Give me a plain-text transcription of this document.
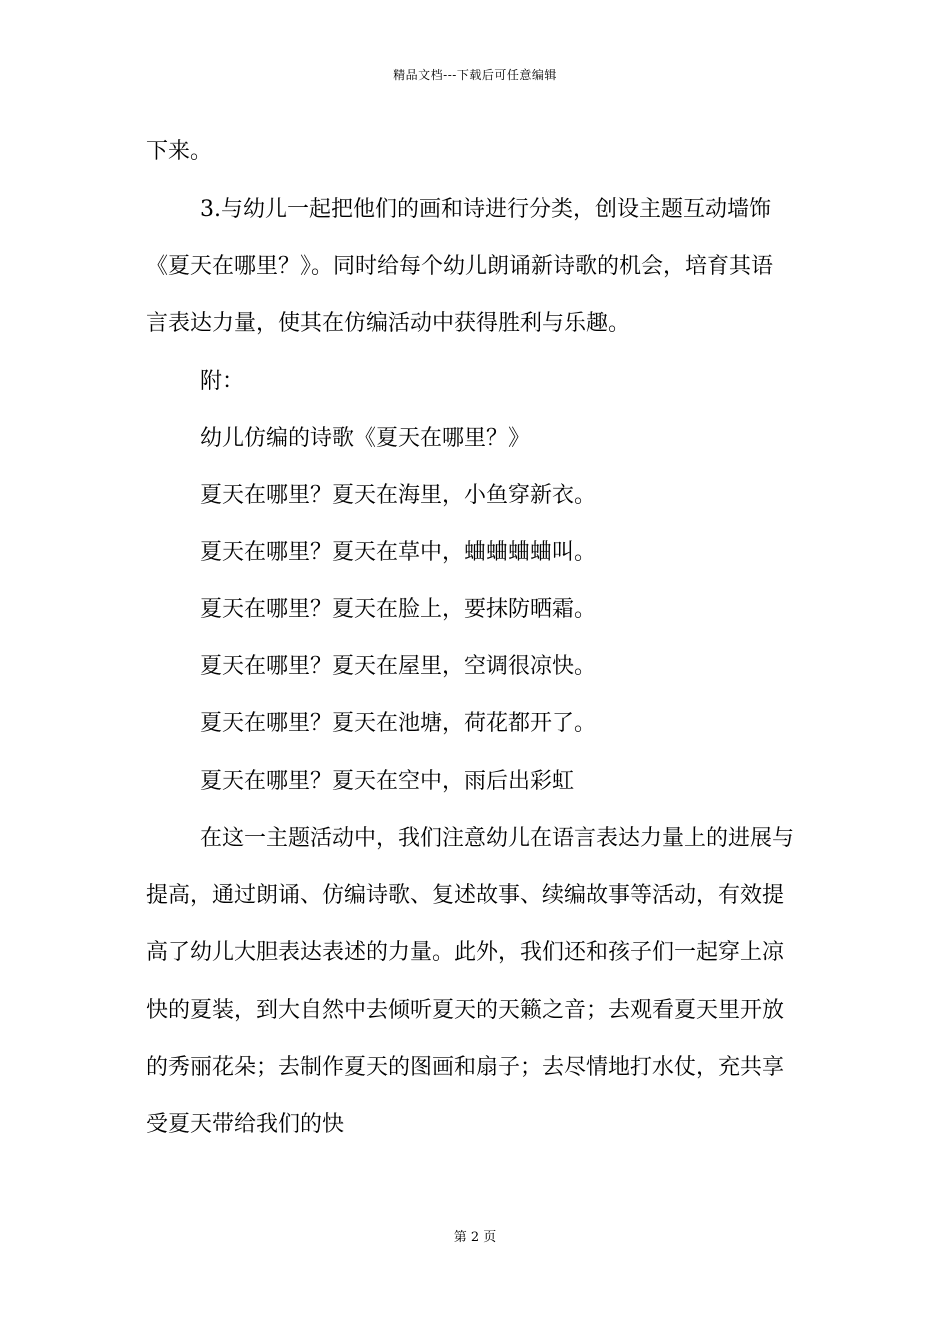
精品文档---下载后可任意编辑
下来。
3.与幼儿一起把他们的画和诗进行分类，创设主题互动墙饰
《夏天在哪里？》。同时给每个幼儿朗诵新诗歌的机会，培育其语
言表达力量，使其在仿编活动中获得胜利与乐趣。
附：
幼儿仿编的诗歌《夏天在哪里？》
夏天在哪里？夏天在海里，小鱼穿新衣。
夏天在哪里？夏天在草中，蛐蛐蛐蛐叫。
夏天在哪里？夏天在脸上，要抹防晒霜。
夏天在哪里？夏天在屋里，空调很凉快。
夏天在哪里？夏天在池塘，荷花都开了。
夏天在哪里？夏天在空中，雨后出彩虹
在这一主题活动中，我们注意幼儿在语言表达力量上的进展与
提高，通过朗诵、仿编诗歌、复述故事、续编故事等活动，有效提
高了幼儿大胆表达表述的力量。此外，我们还和孩子们一起穿上凉
快的夏装，到大自然中去倾听夏天的天籁之音；去观看夏天里开放
的秀丽花朵；去制作夏天的图画和扇子；去尽情地打水仗，充共享
受夏天带给我们的快
第 2 页
